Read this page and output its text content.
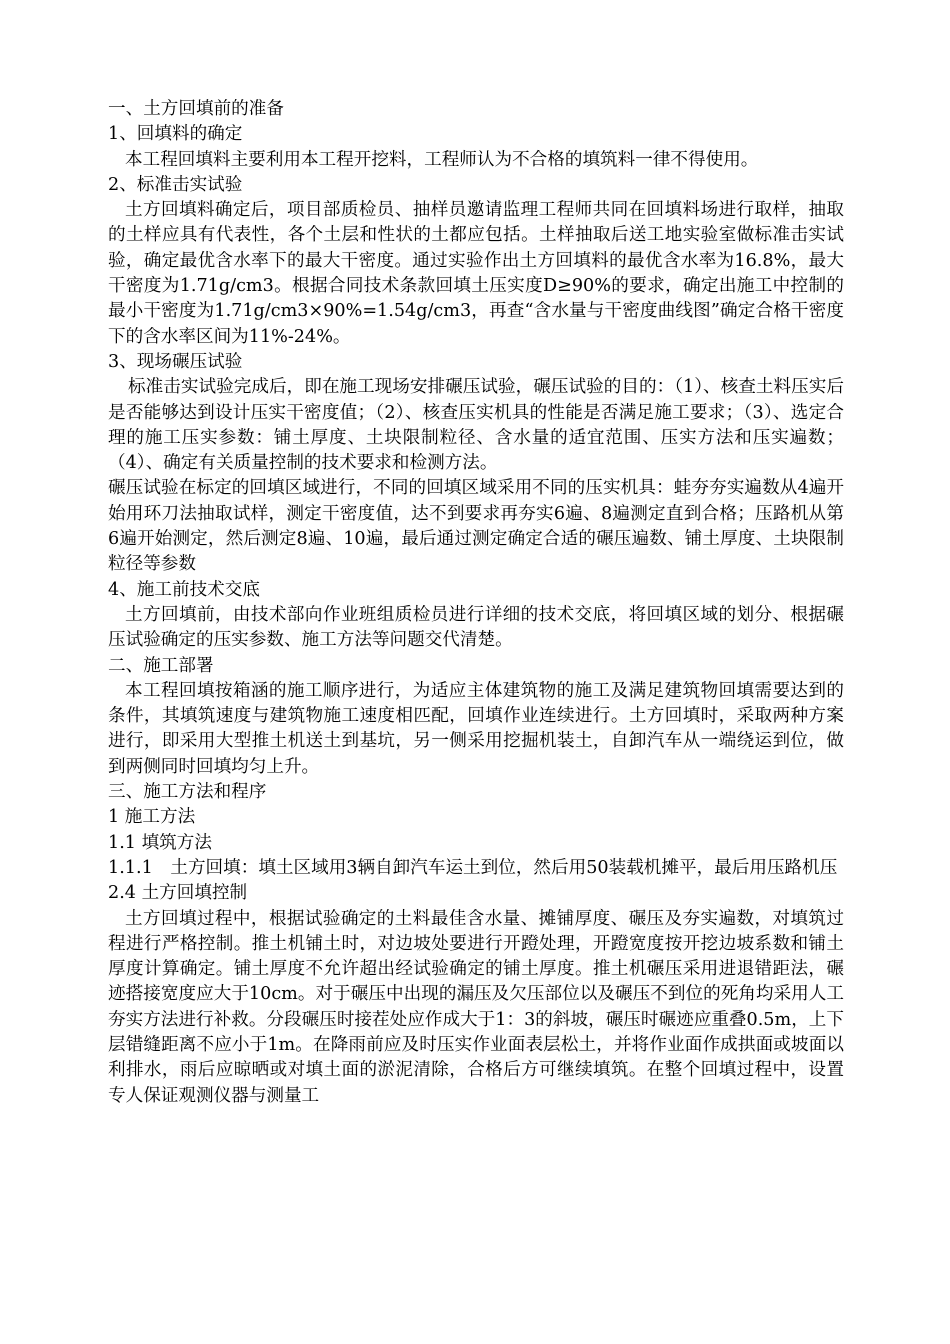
一、土方回填前的准备
1、回填料的确定
本工程回填料主要利用本工程开挖料，工程师认为不合格的填筑料一律不得使用。
2、标准击实试验
土方回填料确定后，项目部质检员、抽样员邀请监理工程师共同在回填料场进行取样，抽取的土样应具有代表性，各个土层和性状的土都应包括。土样抽取后送工地实验室做标准击实试验，确定最优含水率下的最大干密度。通过实验作出土方回填料的最优含水率为16.8%，最大干密度为1.71g/cm3。根据合同技术条款回填土压实度D≥90%的要求，确定出施工中控制的最小干密度为1.71g/cm3×90%=1.54g/cm3，再查“含水量与干密度曲线图”确定合格干密度下的含水率区间为11%-24%。
3、现场碾压试验
标准击实试验完成后，即在施工现场安排碾压试验，碾压试验的目的：（1）、核查土料压实后是否能够达到设计压实干密度值；（2）、核查压实机具的性能是否满足施工要求；（3）、选定合理的施工压实参数：铺土厚度、土块限制粒径、含水量的适宜范围、压实方法和压实遍数；（4）、确定有关质量控制的技术要求和检测方法。
碾压试验在标定的回填区域进行，不同的回填区域采用不同的压实机具：蛙夯夯实遍数从4遍开始用环刀法抽取试样，测定干密度值，达不到要求再夯实6遍、8遍测定直到合格；压路机从第6遍开始测定，然后测定8遍、10遍，最后通过测定确定合适的碾压遍数、铺土厚度、土块限制粒径等参数
4、施工前技术交底
土方回填前，由技术部向作业班组质检员进行详细的技术交底，将回填区域的划分、根据碾压试验确定的压实参数、施工方法等问题交代清楚。
二、施工部署
本工程回填按箱涵的施工顺序进行，为适应主体建筑物的施工及满足建筑物回填需要达到的条件，其填筑速度与建筑物施工速度相匹配，回填作业连续进行。土方回填时，采取两种方案进行，即采用大型推土机送土到基坑，另一侧采用挖掘机装土，自卸汽车从一端绕运到位，做到两侧同时回填均匀上升。
三、施工方法和程序
1 施工方法
1.1 填筑方法
1.1.1　土方回填：填土区域用3辆自卸汽车运土到位，然后用50装载机摊平，最后用压路机压
2.4 土方回填控制
土方回填过程中，根据试验确定的土料最佳含水量、摊铺厚度、碾压及夯实遍数，对填筑过程进行严格控制。推土机铺土时，对边坡处要进行开蹬处理，开蹬宽度按开挖边坡系数和铺土厚度计算确定。铺土厚度不允许超出经试验确定的铺土厚度。推土机碾压采用进退错距法，碾迹搭接宽度应大于10cm。对于碾压中出现的漏压及欠压部位以及碾压不到位的死角均采用人工夯实方法进行补救。分段碾压时接茬处应作成大于1：3的斜坡，碾压时碾迹应重叠0.5m，上下层错缝距离不应小于1m。在降雨前应及时压实作业面表层松土，并将作业面作成拱面或坡面以利排水，雨后应晾晒或对填土面的淤泥清除，合格后方可继续填筑。在整个回填过程中，设置专人保证观测仪器与测量工
